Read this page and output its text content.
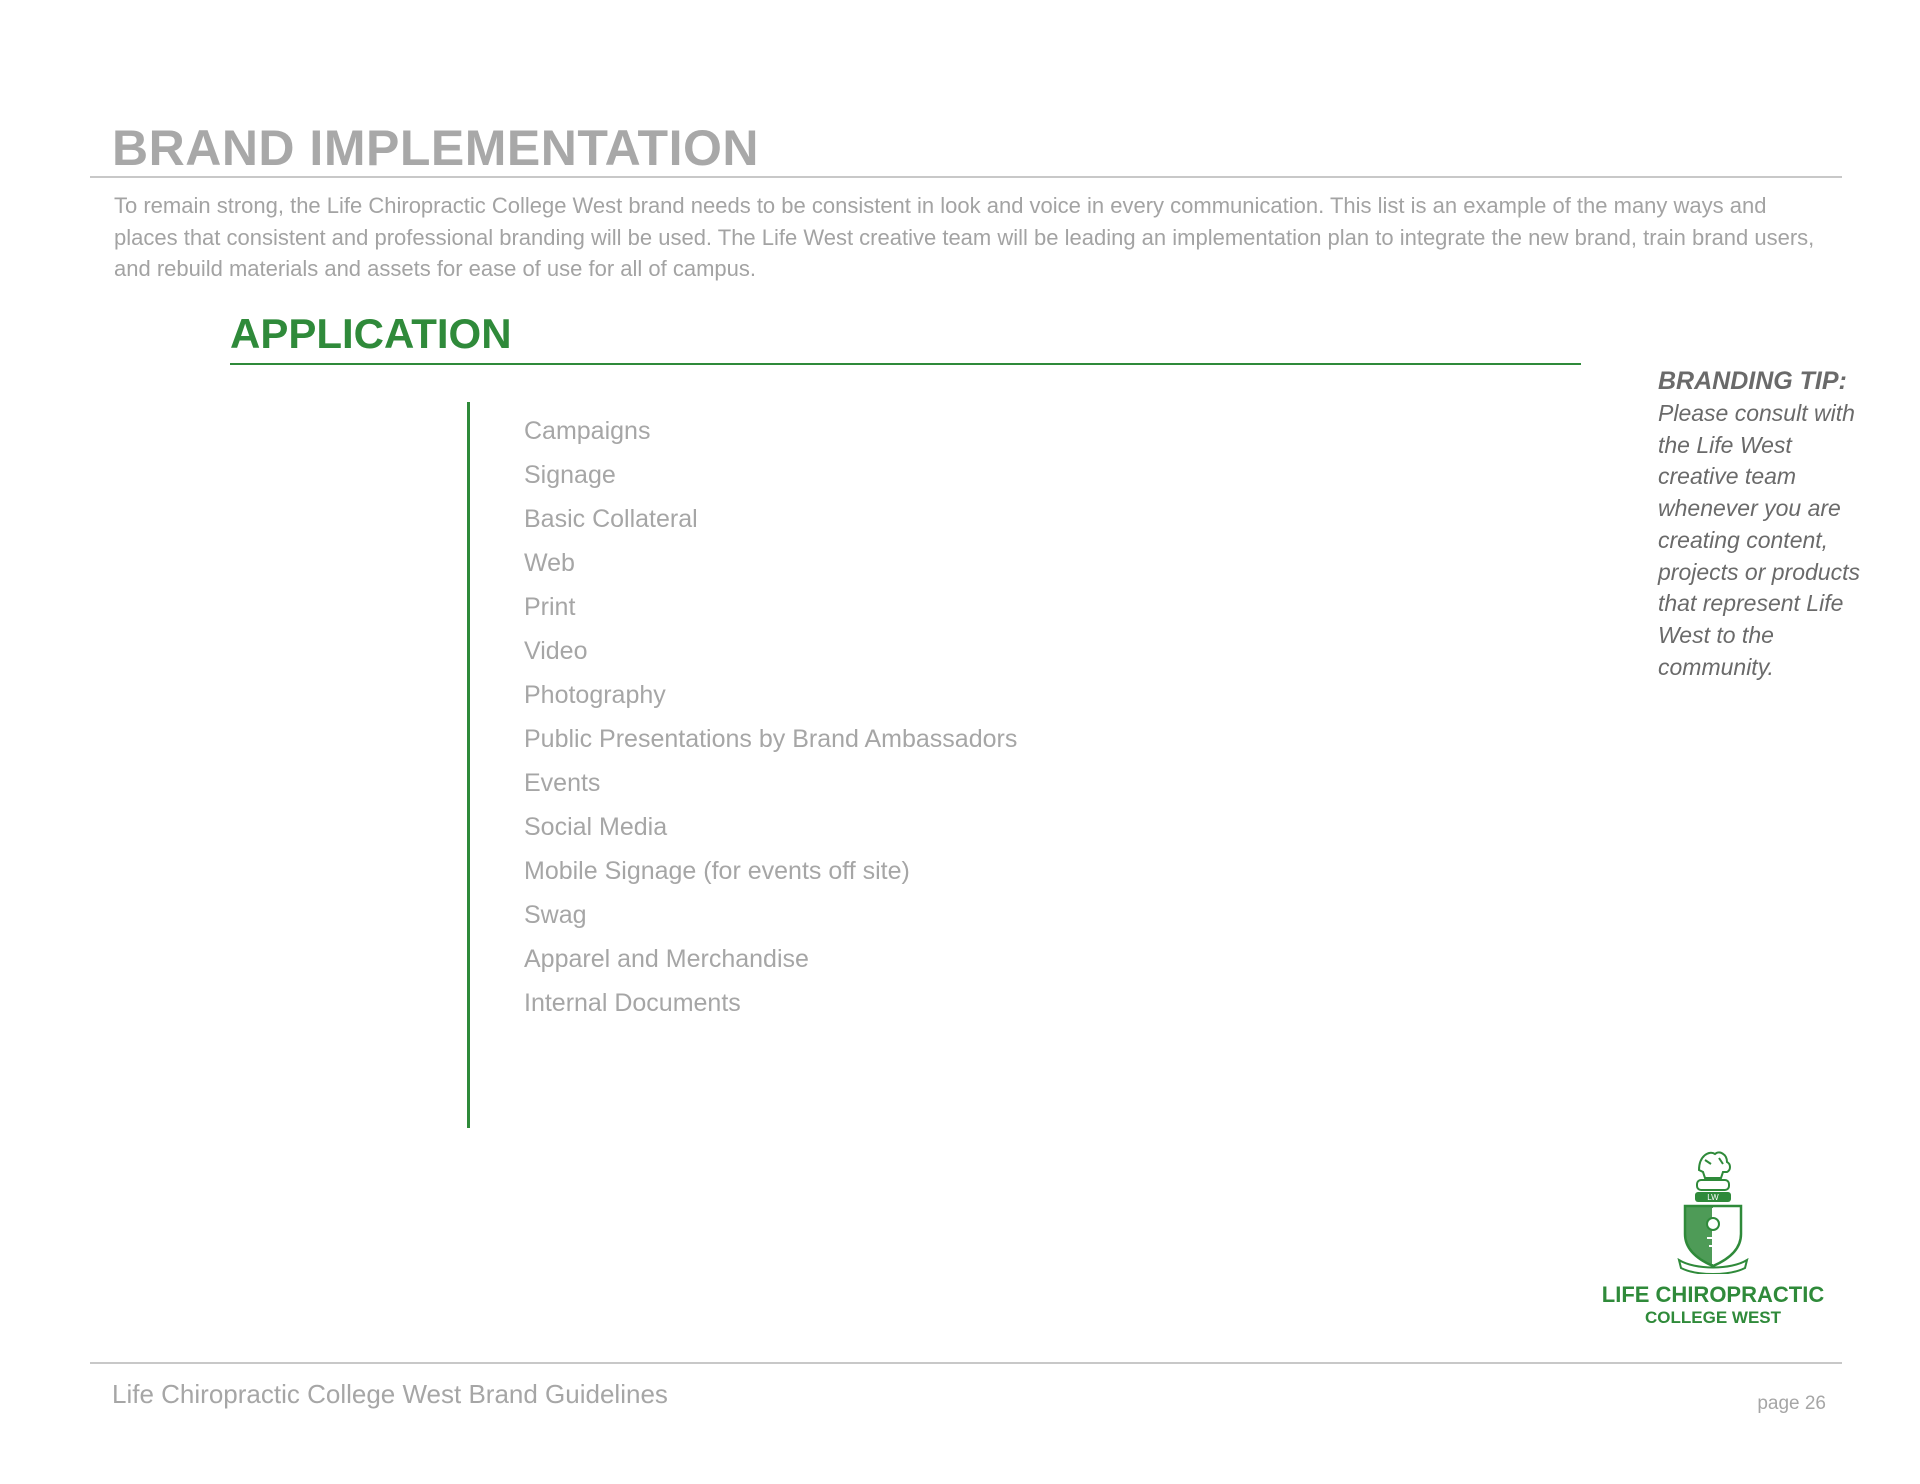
BRAND IMPLEMENTATION

To remain strong, the Life Chiropractic College West brand needs to be consistent in look and voice in every communication. This list is an example of the many ways and places that consistent and professional branding will be used. The Life West creative team will be leading an implementation plan to integrate the new brand, train brand users, and rebuild materials and assets for ease of use for all of campus.

APPLICATION
Campaigns
Signage
Basic Collateral
Web
Print
Video
Photography
Public Presentations by Brand Ambassadors
Events
Social Media
Mobile Signage (for events off site)
Swag
Apparel and Merchandise
Internal Documents
BRANDING TIP:
Please consult with the Life West creative team whenever you are creating content, projects or products that represent Life West to the community.
LW
LIFE CHIROPRACTIC
COLLEGE WEST
Life Chiropractic College West Brand Guidelines	page 26
